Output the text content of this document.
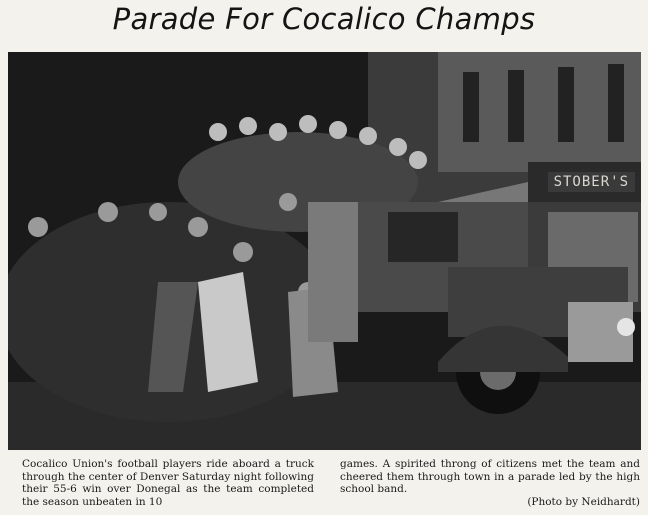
Parade For Cocalico Champs
STOBER'S
Cocalico Union's football players ride aboard a truck through the center of Denver Saturday night following their 55-6 win over Donegal as the team completed the season unbeaten in 10
games. A spirited throng of citizens met the team and cheered them through town in a parade led by the high school band.
(Photo by Neidhardt)
